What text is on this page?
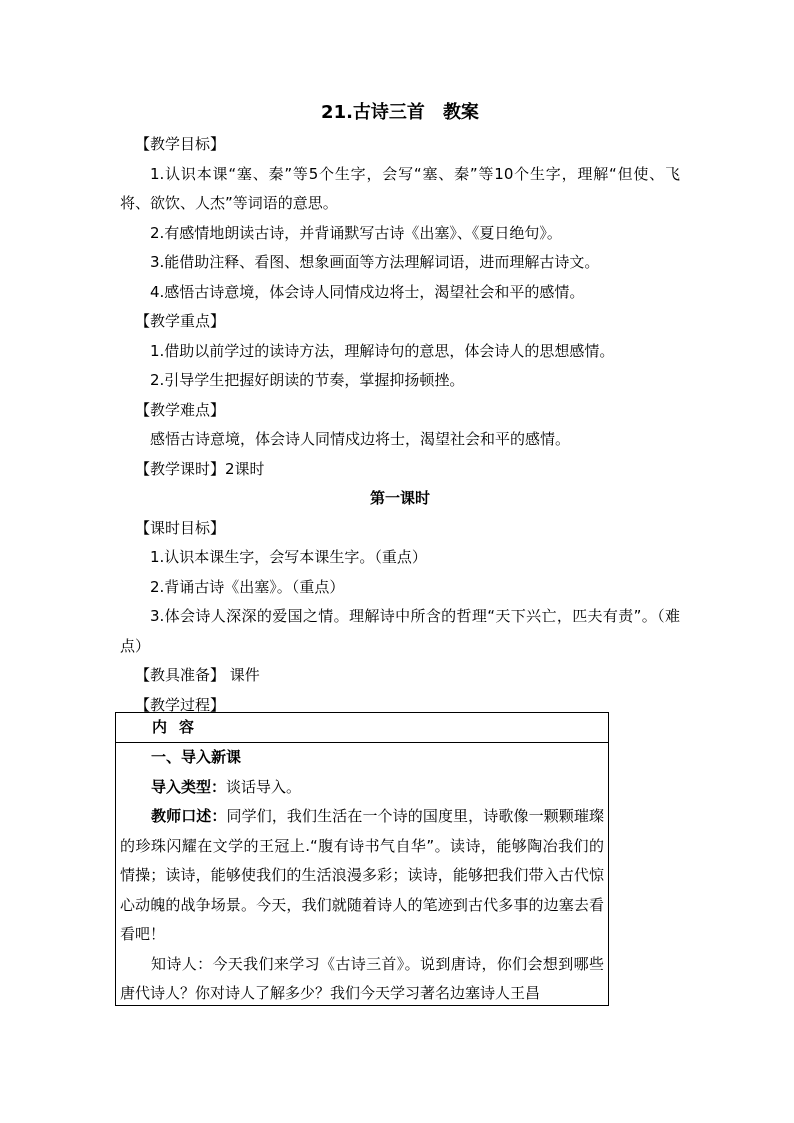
21.古诗三首 教案

【教学目标】

1.认识本课“塞、秦”等5个生字，会写“塞、秦”等10个生字，理解“但使、飞将、欲饮、人杰”等词语的意思。

2.有感情地朗读古诗，并背诵默写古诗《出塞》、《夏日绝句》。

3.能借助注释、看图、想象画面等方法理解词语，进而理解古诗文。

4.感悟古诗意境，体会诗人同情戍边将士，渴望社会和平的感情。

【教学重点】

1.借助以前学过的读诗方法，理解诗句的意思，体会诗人的思想感情。

2.引导学生把握好朗读的节奏，掌握抑扬顿挫。

【教学难点】

感悟古诗意境，体会诗人同情戍边将士，渴望社会和平的感情。

【教学课时】2课时

第一课时

【课时目标】

1.认识本课生字，会写本课生字。（重点）

2.背诵古诗《出塞》。（重点）

3.体会诗人深深的爱国之情。理解诗中所含的哲理“天下兴亡，匹夫有责”。（难点）

【教具准备】 课件

【教学过程】

内容

一、导入新课

导入类型：谈话导入。

教师口述：同学们，我们生活在一个诗的国度里，诗歌像一颗颗璀璨的珍珠闪耀在文学的王冠上.“腹有诗书气自华”。读诗，能够陶冶我们的情操；读诗，能够使我们的生活浪漫多彩；读诗，能够把我们带入古代惊心动魄的战争场景。今天，我们就随着诗人的笔迹到古代多事的边塞去看看吧！

知诗人：今天我们来学习《古诗三首》。说到唐诗，你们会想到哪些唐代诗人？你对诗人了解多少？我们今天学习著名边塞诗人王昌
